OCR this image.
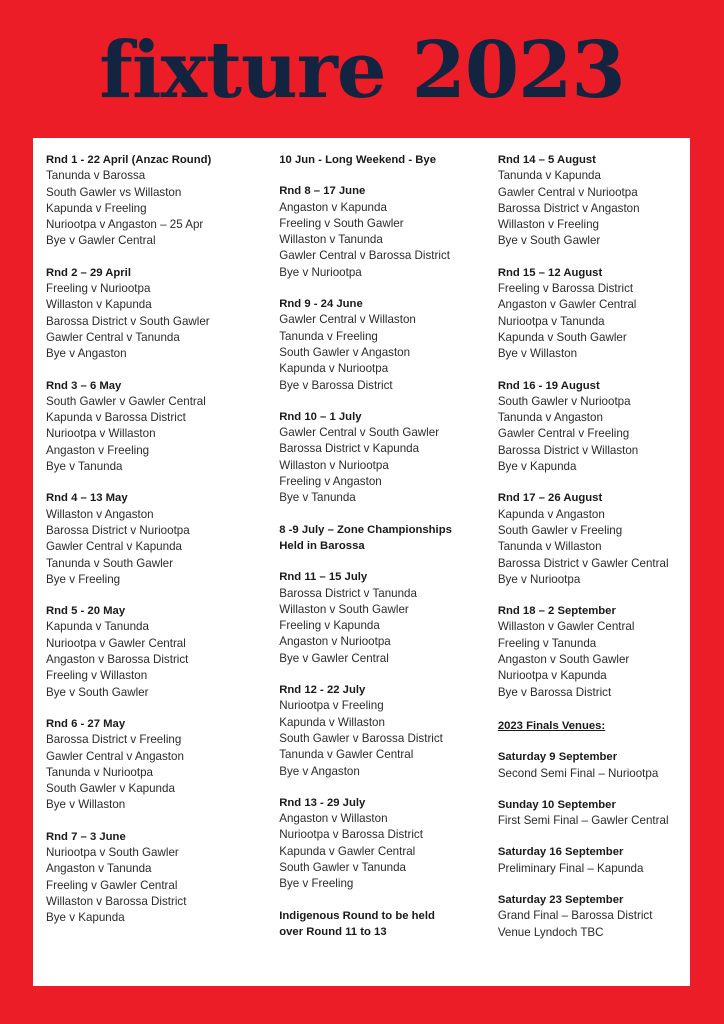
fixture 2023
Rnd 1 - 22 April (Anzac Round)
Tanunda v Barossa
South Gawler vs Willaston
Kapunda v Freeling
Nuriootpa v Angaston – 25 Apr
Bye v Gawler Central
Rnd 2 – 29 April
Freeling v Nuriootpa
Willaston v Kapunda
Barossa District v South Gawler
Gawler Central v Tanunda
Bye v Angaston
Rnd 3 – 6 May
South Gawler v Gawler Central
Kapunda v Barossa District
Nuriootpa v Willaston
Angaston v Freeling
Bye v Tanunda
Rnd 4 – 13 May
Willaston v Angaston
Barossa District v Nuriootpa
Gawler Central v Kapunda
Tanunda v South Gawler
Bye v Freeling
Rnd 5 - 20 May
Kapunda v Tanunda
Nuriootpa v Gawler Central
Angaston v Barossa District
Freeling v Willaston
Bye v South Gawler
Rnd 6 - 27 May
Barossa District v Freeling
Gawler Central v Angaston
Tanunda v Nuriootpa
South Gawler v Kapunda
Bye v Willaston
Rnd 7 – 3 June
Nuriootpa v South Gawler
Angaston v Tanunda
Freeling v Gawler Central
Willaston v Barossa District
Bye v Kapunda
10 Jun - Long Weekend - Bye
Rnd 8 – 17 June
Angaston v Kapunda
Freeling v South Gawler
Willaston v Tanunda
Gawler Central v Barossa District
Bye v Nuriootpa
Rnd 9 - 24 June
Gawler Central v Willaston
Tanunda v Freeling
South Gawler v Angaston
Kapunda v Nuriootpa
Bye v Barossa District
Rnd 10 – 1 July
Gawler Central v South Gawler
Barossa District v Kapunda
Willaston v Nuriootpa
Freeling v Angaston
Bye v Tanunda
8 -9 July – Zone Championships
Held in Barossa
Rnd 11 – 15 July
Barossa District v Tanunda
Willaston v South Gawler
Freeling v Kapunda
Angaston v Nuriootpa
Bye v Gawler Central
Rnd 12 - 22 July
Nuriootpa v Freeling
Kapunda v Willaston
South Gawler v Barossa District
Tanunda v Gawler Central
Bye v Angaston
Rnd 13 - 29 July
Angaston v Willaston
Nuriootpa v Barossa District
Kapunda v Gawler Central
South Gawler v Tanunda
Bye v Freeling
Indigenous Round to be held
over Round 11 to 13
Rnd 14 – 5 August
Tanunda v Kapunda
Gawler Central v Nuriootpa
Barossa District v Angaston
Willaston v Freeling
Bye v South Gawler
Rnd 15 – 12 August
Freeling v Barossa District
Angaston v Gawler Central
Nuriootpa v Tanunda
Kapunda v South Gawler
Bye v Willaston
Rnd 16 - 19 August
South Gawler v Nuriootpa
Tanunda v Angaston
Gawler Central v Freeling
Barossa District v Willaston
Bye v Kapunda
Rnd 17 – 26 August
Kapunda v Angaston
South Gawler v Freeling
Tanunda v Willaston
Barossa District v Gawler Central
Bye v Nuriootpa
Rnd 18 – 2 September
Willaston v Gawler Central
Freeling v Tanunda
Angaston v South Gawler
Nuriootpa v Kapunda
Bye v Barossa District
2023 Finals Venues:
Saturday 9 September
Second Semi Final – Nuriootpa
Sunday 10 September
First Semi Final – Gawler Central
Saturday 16 September
Preliminary Final – Kapunda
Saturday 23 September
Grand Final – Barossa District
Venue Lyndoch TBC
